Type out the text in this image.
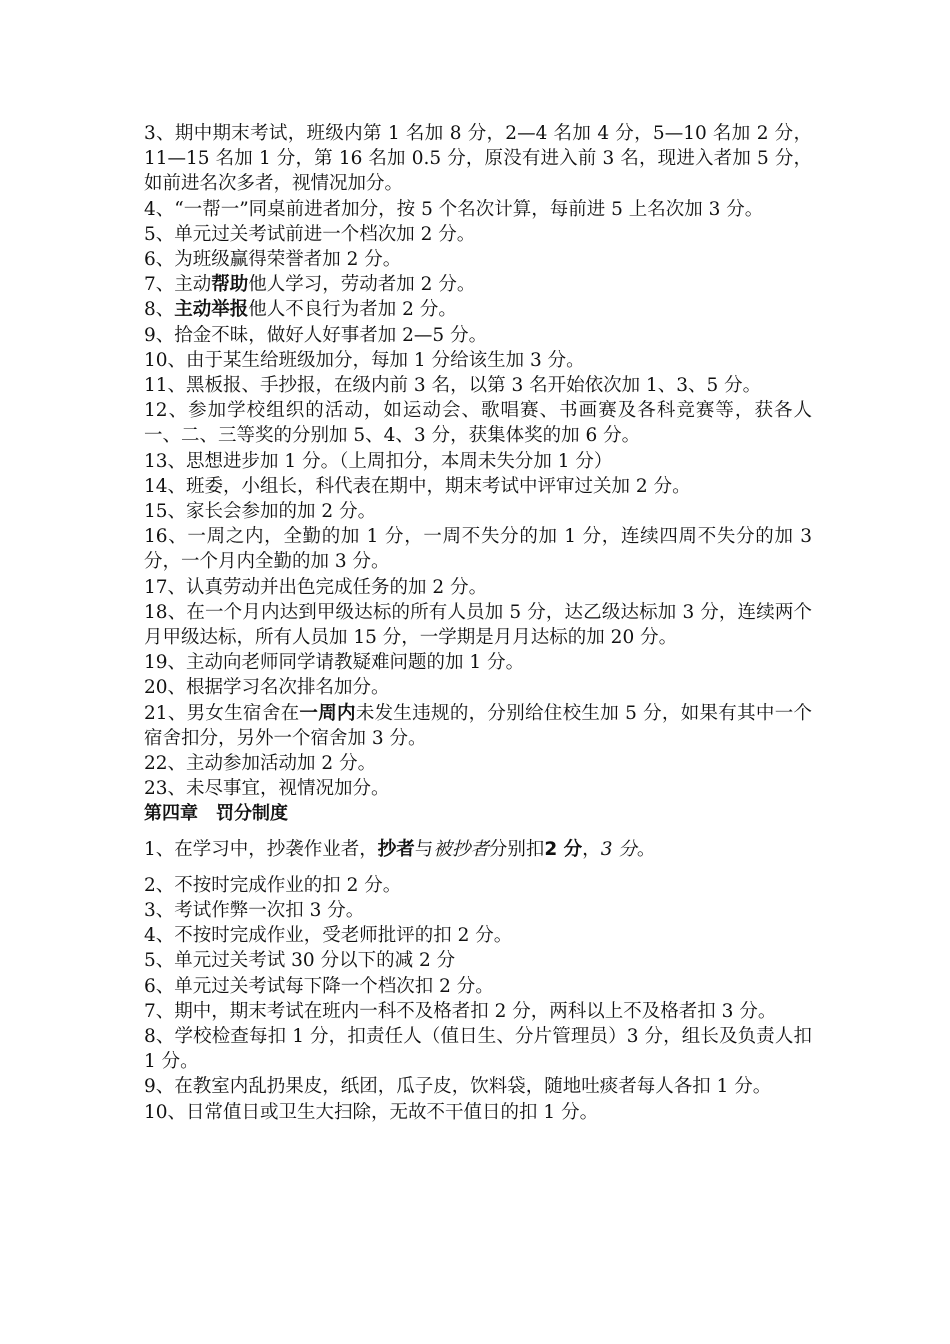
3、期中期末考试，班级内第 1 名加 8 分，2—4 名加 4 分，5—10 名加 2 分，11—15 名加 1 分，第 16 名加 0.5 分，原没有进入前 3 名，现进入者加 5 分，如前进名次多者，视情况加分。

4、“一帮一”同桌前进者加分，按 5 个名次计算，每前进 5 上名次加 3 分。

5、单元过关考试前进一个档次加 2 分。

6、为班级赢得荣誉者加 2 分。

7、主动帮助他人学习，劳动者加 2 分。

8、主动举报他人不良行为者加 2 分。

9、拾金不昧，做好人好事者加 2—5 分。

10、由于某生给班级加分，每加 1 分给该生加 3 分。

11、黑板报、手抄报，在级内前 3 名，以第 3 名开始依次加 1、3、5 分。

12、参加学校组织的活动，如运动会、歌唱赛、书画赛及各科竞赛等，获各人一、二、三等奖的分别加 5、4、3 分，获集体奖的加 6 分。

13、思想进步加 1 分。（上周扣分，本周未失分加 1 分）

14、班委，小组长，科代表在期中，期末考试中评审过关加 2 分。

15、家长会参加的加 2 分。

16、一周之内，全勤的加 1 分，一周不失分的加 1 分，连续四周不失分的加 3 分，一个月内全勤的加 3 分。

17、认真劳动并出色完成任务的加 2 分。

18、在一个月内达到甲级达标的所有人员加 5 分，达乙级达标加 3 分，连续两个月甲级达标，所有人员加 15 分，一学期是月月达标的加 20 分。

19、主动向老师同学请教疑难问题的加 1 分。

20、根据学习名次排名加分。

21、男女生宿舍在一周内未发生违规的，分别给住校生加 5 分，如果有其中一个宿舍扣分，另外一个宿舍加 3 分。

22、主动参加活动加 2 分。

23、未尽事宜，视情况加分。

第四章　罚分制度

1、在学习中，抄袭作业者，抄者与被抄者分别扣2 分，3 分。

2、不按时完成作业的扣 2 分。

3、考试作弊一次扣 3 分。

4、不按时完成作业，受老师批评的扣 2 分。

5、单元过关考试 30 分以下的减 2 分

6、单元过关考试每下降一个档次扣 2 分。

7、期中，期末考试在班内一科不及格者扣 2 分，两科以上不及格者扣 3 分。

8、学校检查每扣 1 分，扣责任人（值日生、分片管理员）3 分，组长及负责人扣 1 分。

9、在教室内乱扔果皮，纸团，瓜子皮，饮料袋，随地吐痰者每人各扣 1 分。

10、日常值日或卫生大扫除，无故不干值日的扣 1 分。
